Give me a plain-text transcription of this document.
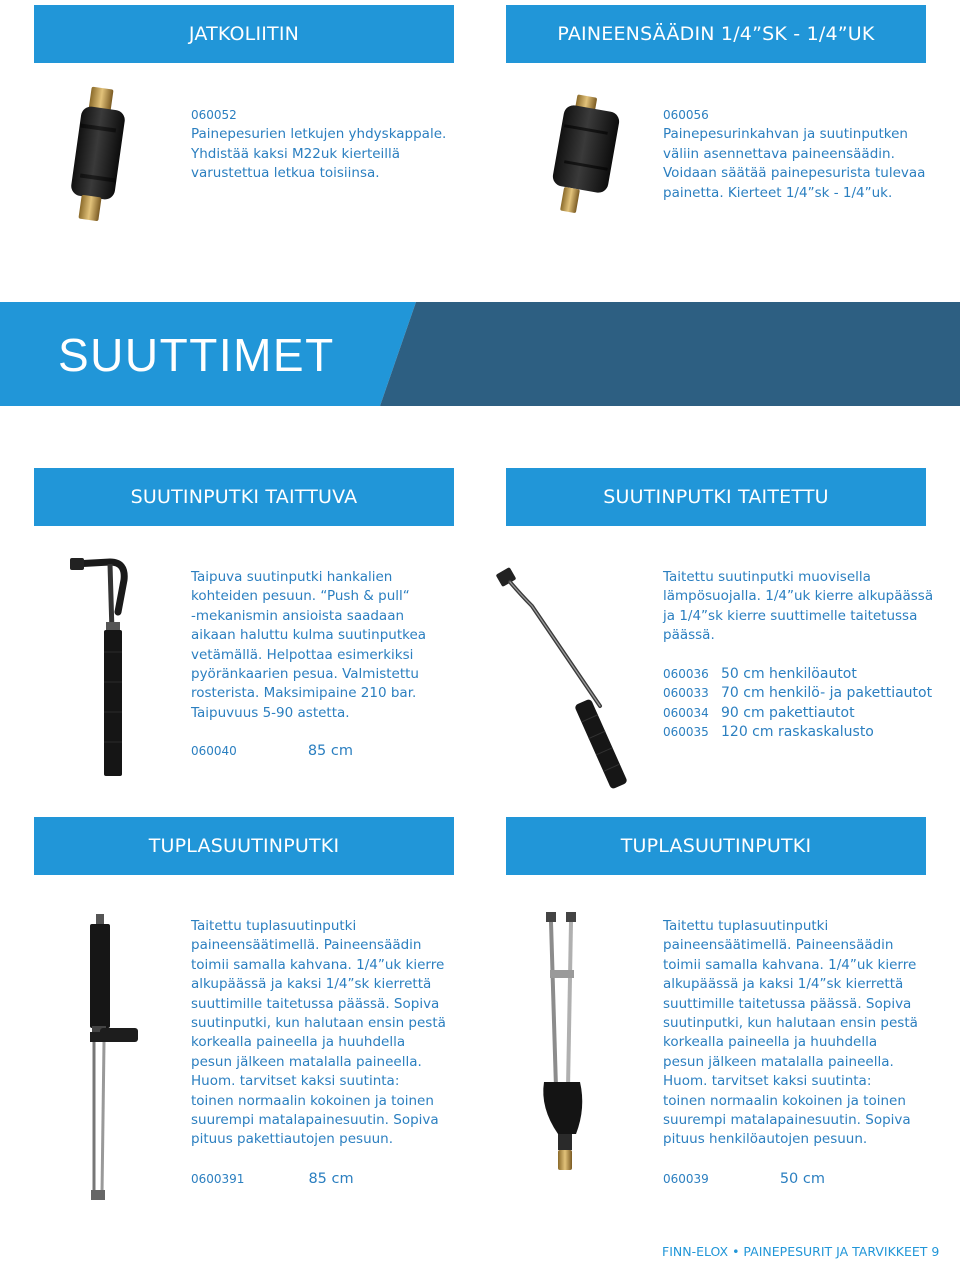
JATKOLIITIN	PAINEENSÄÄDIN 1/4”SK - 1/4”UK

060052

Painepesurien letkujen yhdyskappale.

Yhdistää kaksi M22uk kierteillä

varustettua letkua toisiinsa.

060056

Painepesurinkahvan ja suutinputken

väliin asennettava paineensäädin.

Voidaan säätää painepesurista tulevaa

painetta. Kierteet 1/4”sk - 1/4”uk.

SUUTTIMET
SUUTINPUTKI TAITTUVA	SUUTINPUTKI TAITETTU

Taipuva suutinputki hankalien

kohteiden pesuun. “Push & pull“

-mekanismin ansioista saadaan

aikaan haluttu kulma suutinputkea

vetämällä. Helpottaa esimerkiksi

pyöränkaarien pesua. Valmistettu

rosterista. Maksimipaine 210 bar.

Taipuvuus 5-90 astetta.

060040	85 cm

Taitettu suutinputki muovisella

lämpösuojalla. 1/4”uk kierre alkupäässä

ja 1/4”sk kierre suuttimelle taitetussa

päässä.

060036 50 cm henkilöautot
060033 70 cm henkilö- ja pakettiautot
060034 90 cm pakettiautot
060035 120 cm raskaskalusto
TUPLASUUTINPUTKI	TUPLASUUTINPUTKI

Taitettu tuplasuutinputki

paineensäätimellä. Paineensäädin

toimii samalla kahvana. 1/4”uk kierre

alkupäässä ja kaksi 1/4”sk kierrettä

suuttimille taitetussa päässä. Sopiva

suutinputki, kun halutaan ensin pestä

korkealla paineella ja huuhdella

pesun jälkeen matalalla paineella.

Huom. tarvitset kaksi suutinta:

toinen normaalin kokoinen ja toinen

suurempi matalapainesuutin. Sopiva

pituus pakettiautojen pesuun.

0600391	85 cm

Taitettu tuplasuutinputki

paineensäätimellä. Paineensäädin

toimii samalla kahvana. 1/4”uk kierre

alkupäässä ja kaksi 1/4”sk kierrettä

suuttimille taitetussa päässä. Sopiva

suutinputki, kun halutaan ensin pestä

korkealla paineella ja huuhdella

pesun jälkeen matalalla paineella.

Huom. tarvitset kaksi suutinta:

toinen normaalin kokoinen ja toinen

suurempi matalapainesuutin. Sopiva

pituus henkilöautojen pesuun.

060039	50 cm
FINN-ELOX • PAINEPESURIT JA TARVIKKEET 9
